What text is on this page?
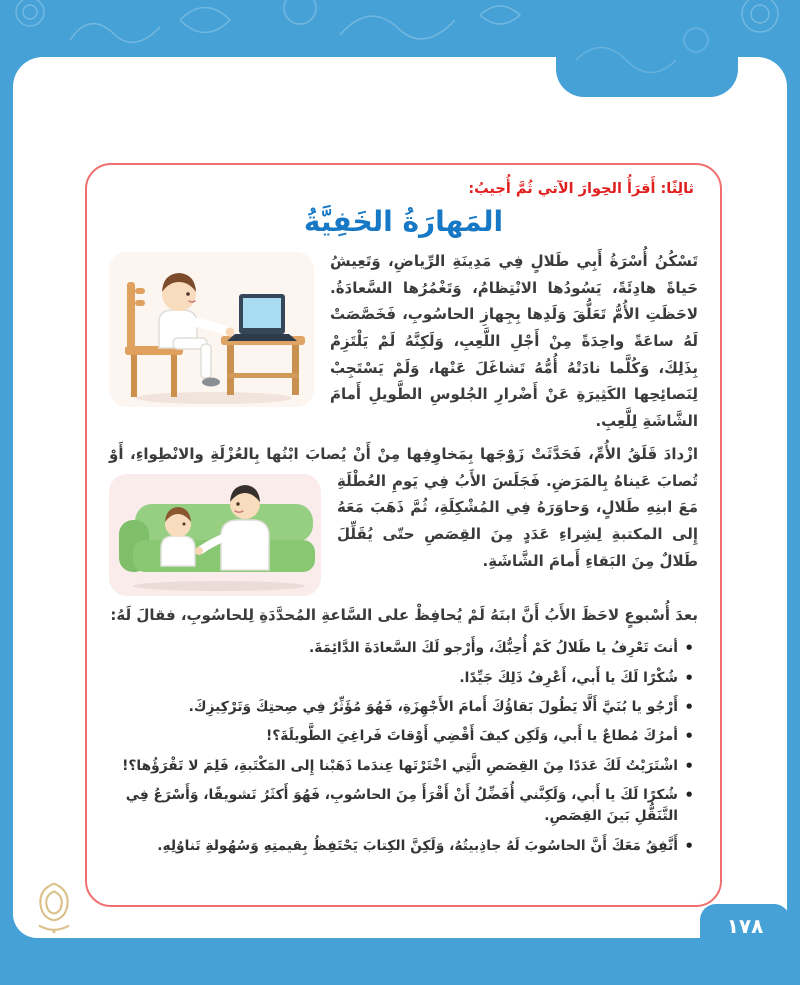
ثالِثًا: أَقرَأُ الحِوارَ الآتي ثُمَّ أُجيبُ:
المَهارَةُ الخَفِيَّةُ

تَسْكُنُ أُسْرَةُ أَبِي طَلالٍ فِي مَدِينَةِ الرِّياضِ، وَتَعِيشُ حَياةً هادِئَةً، يَسُودُها الانْتِظامُ، وَتَغْمُرُها السَّعادَةُ. لاحَظَتِ الأُمُّ تَعَلُّقَ وَلَدِها بِجِهازِ الحاسُوبِ، فَخَصَّصَتْ لَهُ ساعَةً واحِدَةً مِنْ أَجْلِ اللَّعِبِ، وَلَكِنَّهُ لَمْ يَلْتَزِمْ بِذَلِكَ، وَكُلَّما نادَتْهُ أُمُّهُ تَشاغَلَ عَنْها، وَلَمْ يَسْتَجِبْ لِنَصائِحِها الكَثِيرَةِ عَنْ أَضْرارِ الجُلوسِ الطَّويلِ أَمامَ الشَّاشَةِ لِلَّعِبِ.

ازْدادَ قَلَقُ الأُمِّ، فَحَدَّثَتْ زَوْجَها بِمَخاوِفِها مِنْ أَنْ يُصابَ ابْنُها بِالعُزْلَةِ والانْطِواءِ، أَوْ تُصابَ عَيناهُ بِالمَرَضِ.
فَجَلَسَ الأَبُ فِي يَومِ العُطْلَةِ مَعَ ابنِهِ طَلالٍ، وَحاوَرَهُ فِي المُشْكِلَةِ، ثُمَّ ذَهَبَ مَعَهُ إِلى المكتبةِ لِشِراءِ عَدَدٍ مِنَ القِصَصِ حتّى يُقَلِّلَ طَلالٌ مِنَ البَقاءِ أَمامَ الشَّاشَةِ.

بعدَ أُسْبوعٍ لاحَظَ الأَبُ أَنَّ ابنَهُ لَمْ يُحافِظْ على السَّاعةِ المُحدَّدَةِ لِلحاسُوبِ، فقالَ لَهُ:

• أنتَ تَعْرِفُ يا طَلالُ كَمْ أُحِبُّكَ، وأَرْجو لَكَ السَّعادَةَ الدَّائِمَةَ.
• شُكْرًا لَكَ يا أَبي، أَعْرِفُ ذَلِكَ جَيِّدًا.
• أَرْجُو يا بُنَيَّ أَلَّا يَطُولَ بَقاؤُكَ أَمامَ الأَجْهِزَةِ، فَهُوَ مُؤَثِّرٌ فِي صِحتِكَ وَتَرْكِيزِكَ.
• أمرُكَ مُطاعٌ يا أَبي، وَلَكِن كيفَ أَقْضِي أَوْقاتَ فَراغِيَ الطَّويلَةَ؟!
• اشْتَرَيْتُ لَكَ عَدَدًا مِنَ القِصَصِ الَّتِي اخْتَرْتَها عِندَما ذَهَبْنا إِلى المَكْتَبةِ، فَلِمَ لا تَقْرَؤُها؟!
• شُكرًا لَكَ يا أَبي، وَلَكِنَّني أُفَضِّلُ أَنْ أَقْرَأَ مِنَ الحاسُوبِ، فَهُوَ أَكثَرُ تَشويقًا، وَأَسْرَعُ فِي التَّنَقُّلِ بَينَ القِصَصِ.
• أَتَّفِقُ مَعَكَ أَنَّ الحاسُوبَ لَهُ جاذِبيتُهُ، وَلَكِنَّ الكِتابَ يَحْتَفِظُ بِقيمتِهِ وَسُهُولةِ تَناوُلِهِ.
١٧٨
